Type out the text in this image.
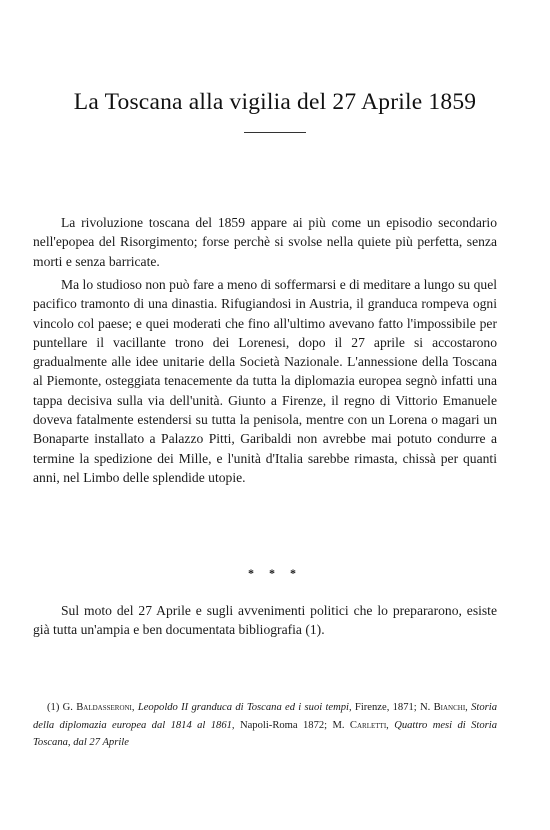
La Toscana alla vigilia del 27 Aprile 1859

La rivoluzione toscana del 1859 appare ai più come un episodio secondario nell'epopea del Risorgimento; forse perchè si svolse nella quiete più perfetta, senza morti e senza barricate.

Ma lo studioso non può fare a meno di soffermarsi e di meditare a lungo su quel pacifico tramonto di una dinastia. Rifugiandosi in Austria, il granduca rompeva ogni vincolo col paese; e quei moderati che fino all'ultimo avevano fatto l'impossibile per puntellare il vacillante trono dei Lorenesi, dopo il 27 aprile si accostarono gradualmente alle idee unitarie della Società Nazionale. L'annessione della Toscana al Piemonte, osteggiata tenacemente da tutta la diplomazia europea segnò infatti una tappa decisiva sulla via dell'unità. Giunto a Firenze, il regno di Vittorio Emanuele doveva fatalmente estendersi su tutta la penisola, mentre con un Lorena o magari un Bonaparte installato a Palazzo Pitti, Garibaldi non avrebbe mai potuto condurre a termine la spedizione dei Mille, e l'unità d'Italia sarebbe rimasta, chissà per quanti anni, nel Limbo delle splendide utopie.

* * *

Sul moto del 27 Aprile e sugli avvenimenti politici che lo prepararono, esiste già tutta un'ampia e ben documentata bibliografia (1).

(1) G. Baldasseroni, Leopoldo II granduca di Toscana ed i suoi tempi, Firenze, 1871; N. Bianchi, Storia della diplomazia europea dal 1814 al 1861, Napoli-Roma 1872; M. Carletti, Quattro mesi di Storia Toscana, dal 27 Aprile
